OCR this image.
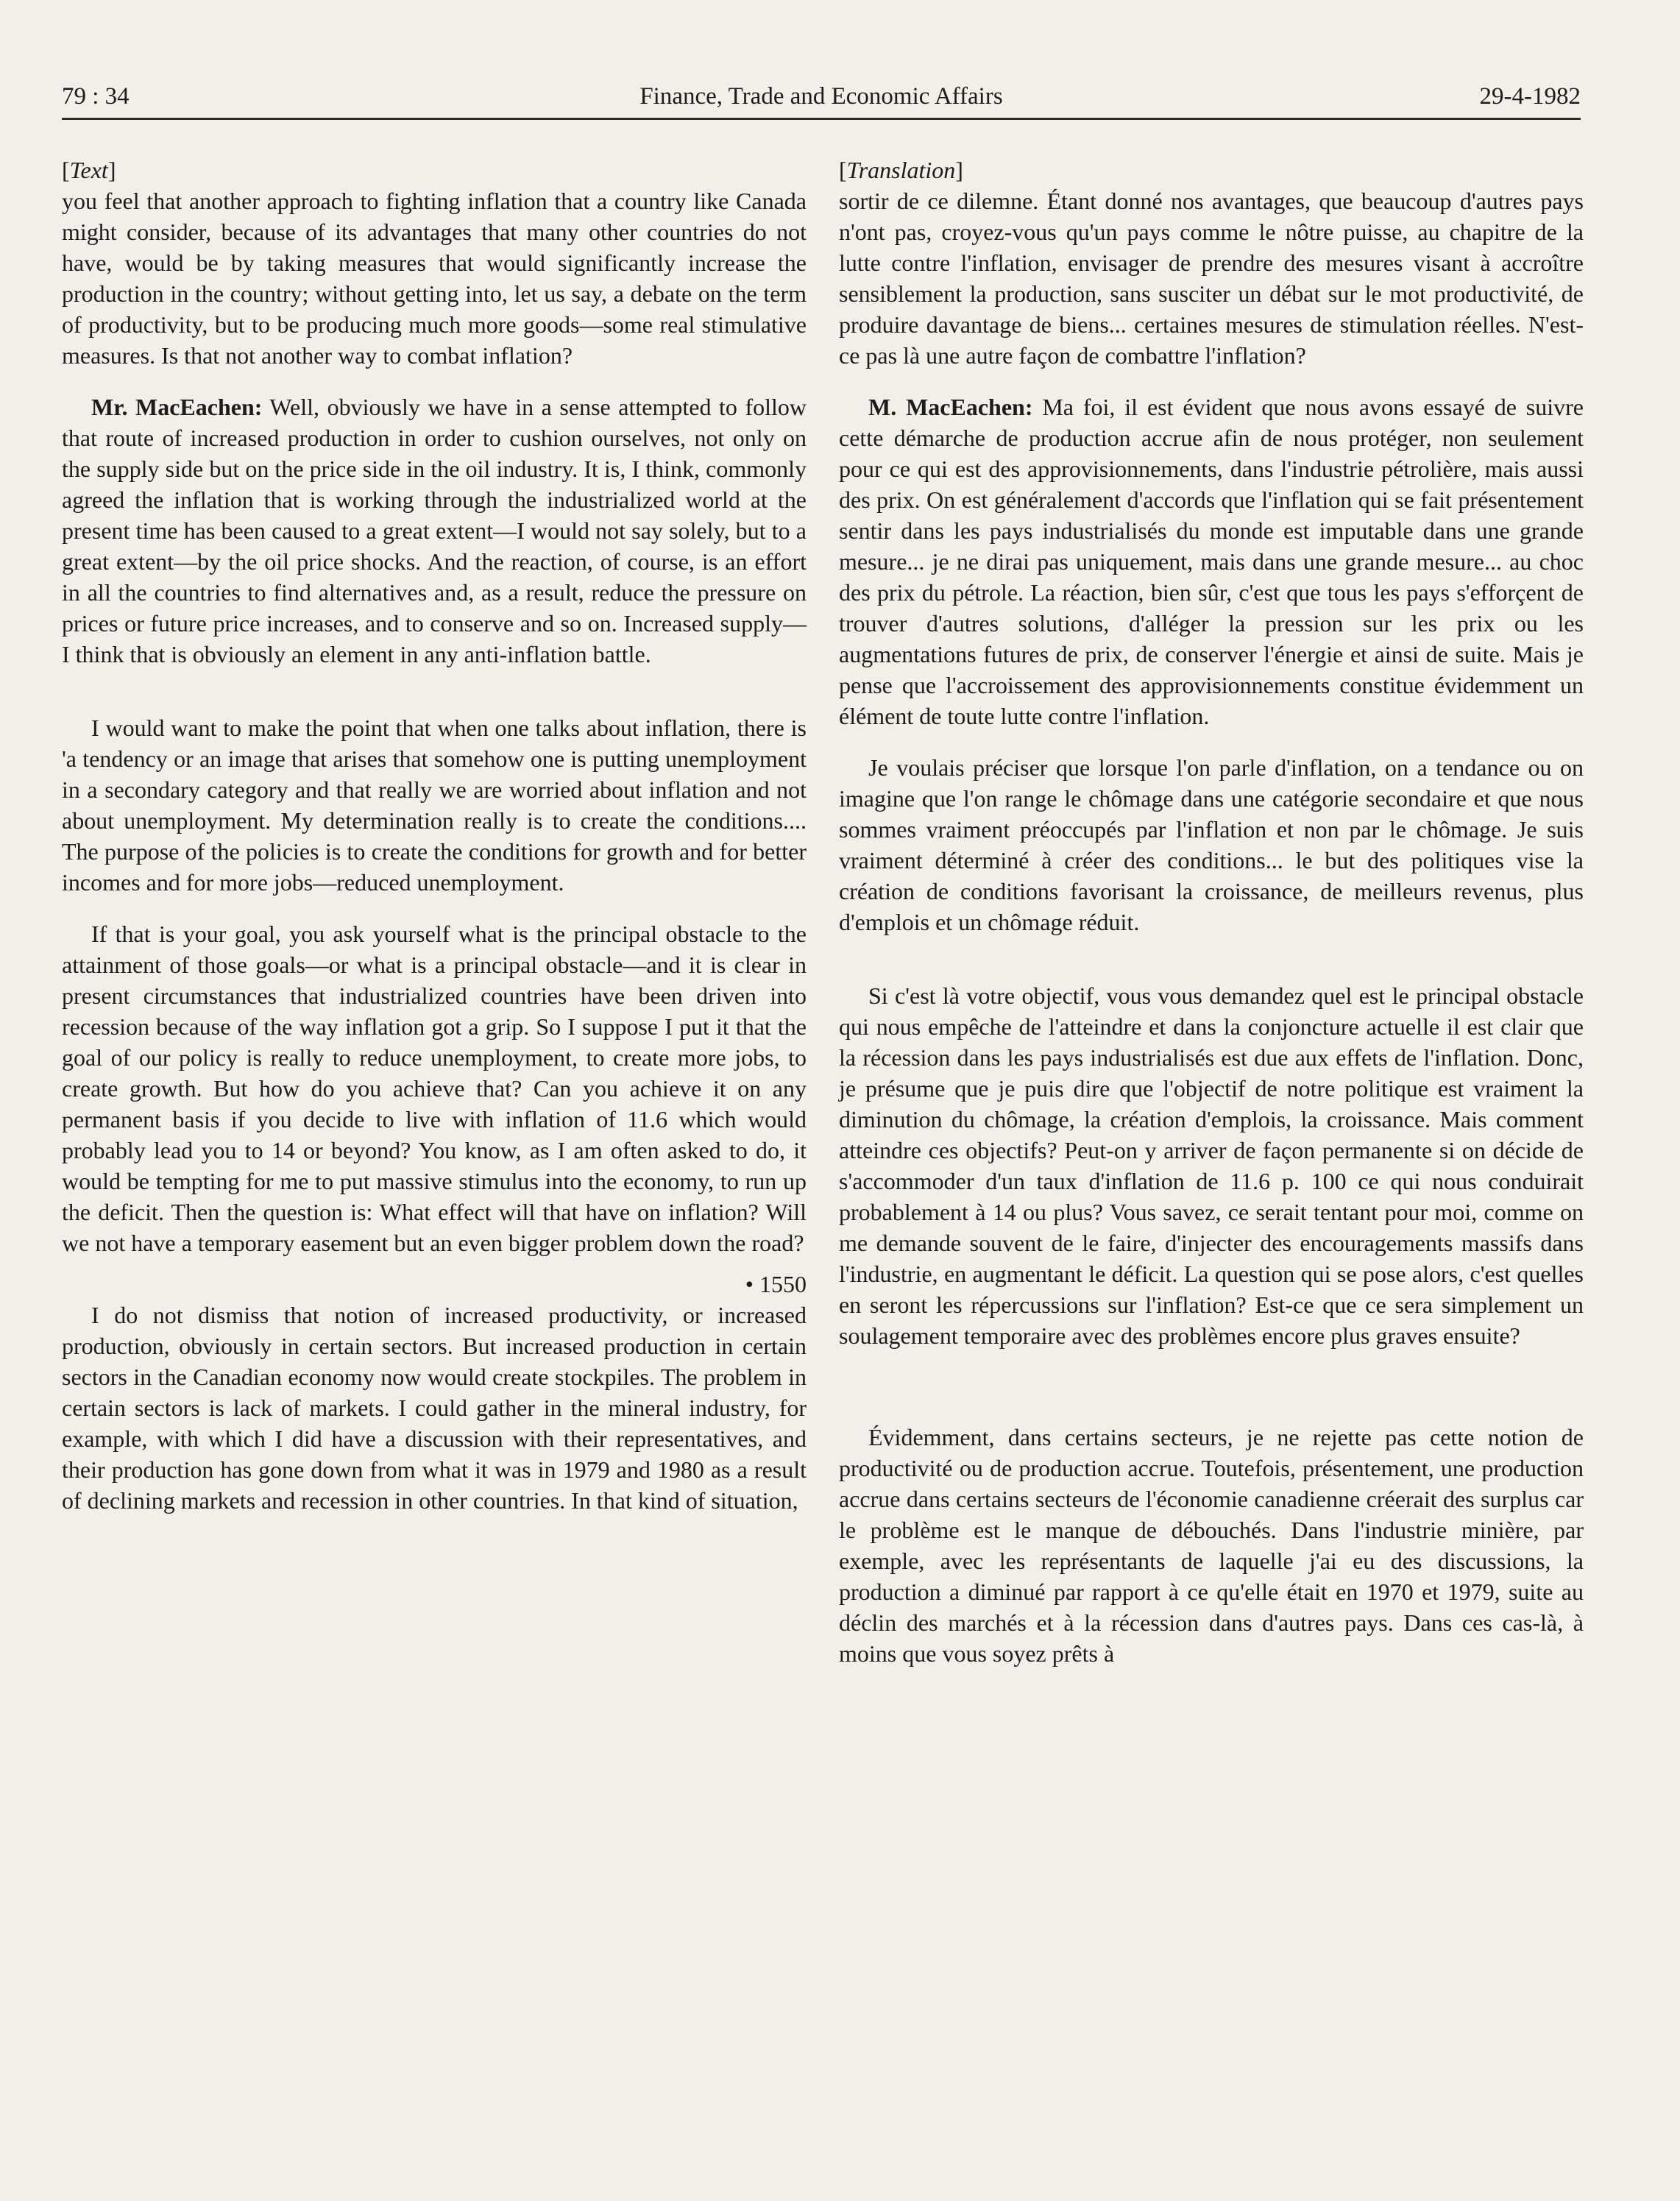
79 : 34	Finance, Trade and Economic Affairs	29-4-1982
[Text]

you feel that another approach to fighting inflation that a country like Canada might consider, because of its advantages that many other countries do not have, would be by taking measures that would significantly increase the production in the country; without getting into, let us say, a debate on the term of productivity, but to be producing much more goods—some real stimulative measures. Is that not another way to combat inflation?

Mr. MacEachen: Well, obviously we have in a sense attempted to follow that route of increased production in order to cushion ourselves, not only on the supply side but on the price side in the oil industry. It is, I think, commonly agreed the inflation that is working through the industrialized world at the present time has been caused to a great extent—I would not say solely, but to a great extent—by the oil price shocks. And the reaction, of course, is an effort in all the countries to find alternatives and, as a result, reduce the pressure on prices or future price increases, and to conserve and so on. Increased supply—I think that is obviously an element in any anti-inflation battle.

I would want to make the point that when one talks about inflation, there is 'a tendency or an image that arises that somehow one is putting unemployment in a secondary category and that really we are worried about inflation and not about unemployment. My determination really is to create the conditions.... The purpose of the policies is to create the conditions for growth and for better incomes and for more jobs—reduced unemployment.

If that is your goal, you ask yourself what is the principal obstacle to the attainment of those goals—or what is a principal obstacle—and it is clear in present circumstances that industrialized countries have been driven into recession because of the way inflation got a grip. So I suppose I put it that the goal of our policy is really to reduce unemployment, to create more jobs, to create growth. But how do you achieve that? Can you achieve it on any permanent basis if you decide to live with inflation of 11.6 which would probably lead you to 14 or beyond? You know, as I am often asked to do, it would be tempting for me to put massive stimulus into the economy, to run up the deficit. Then the question is: What effect will that have on inflation? Will we not have a temporary easement but an even bigger problem down the road?

• 1550

I do not dismiss that notion of increased productivity, or increased production, obviously in certain sectors. But increased production in certain sectors in the Canadian economy now would create stockpiles. The problem in certain sectors is lack of markets. I could gather in the mineral industry, for example, with which I did have a discussion with their representatives, and their production has gone down from what it was in 1979 and 1980 as a result of declining markets and recession in other countries. In that kind of situation,

[Translation]

sortir de ce dilemne. Étant donné nos avantages, que beaucoup d'autres pays n'ont pas, croyez-vous qu'un pays comme le nôtre puisse, au chapitre de la lutte contre l'inflation, envisager de prendre des mesures visant à accroître sensiblement la production, sans susciter un débat sur le mot productivité, de produire davantage de biens... certaines mesures de stimulation réelles. N'est-ce pas là une autre façon de combattre l'inflation?

M. MacEachen: Ma foi, il est évident que nous avons essayé de suivre cette démarche de production accrue afin de nous protéger, non seulement pour ce qui est des approvisionnements, dans l'industrie pétrolière, mais aussi des prix. On est généralement d'accords que l'inflation qui se fait présentement sentir dans les pays industrialisés du monde est imputable dans une grande mesure... je ne dirai pas uniquement, mais dans une grande mesure... au choc des prix du pétrole. La réaction, bien sûr, c'est que tous les pays s'efforçent de trouver d'autres solutions, d'alléger la pression sur les prix ou les augmentations futures de prix, de conserver l'énergie et ainsi de suite. Mais je pense que l'accroissement des approvisionnements constitue évidemment un élément de toute lutte contre l'inflation.

Je voulais préciser que lorsque l'on parle d'inflation, on a tendance ou on imagine que l'on range le chômage dans une catégorie secondaire et que nous sommes vraiment préoccupés par l'inflation et non par le chômage. Je suis vraiment déterminé à créer des conditions... le but des politiques vise la création de conditions favorisant la croissance, de meilleurs revenus, plus d'emplois et un chômage réduit.

Si c'est là votre objectif, vous vous demandez quel est le principal obstacle qui nous empêche de l'atteindre et dans la conjoncture actuelle il est clair que la récession dans les pays industrialisés est due aux effets de l'inflation. Donc, je présume que je puis dire que l'objectif de notre politique est vraiment la diminution du chômage, la création d'emplois, la croissance. Mais comment atteindre ces objectifs? Peut-on y arriver de façon permanente si on décide de s'accommoder d'un taux d'inflation de 11.6 p. 100 ce qui nous conduirait probablement à 14 ou plus? Vous savez, ce serait tentant pour moi, comme on me demande souvent de le faire, d'injecter des encouragements massifs dans l'industrie, en augmentant le déficit. La question qui se pose alors, c'est quelles en seront les répercussions sur l'inflation? Est-ce que ce sera simplement un soulagement temporaire avec des problèmes encore plus graves ensuite?

Évidemment, dans certains secteurs, je ne rejette pas cette notion de productivité ou de production accrue. Toutefois, présentement, une production accrue dans certains secteurs de l'économie canadienne créerait des surplus car le problème est le manque de débouchés. Dans l'industrie minière, par exemple, avec les représentants de laquelle j'ai eu des discussions, la production a diminué par rapport à ce qu'elle était en 1970 et 1979, suite au déclin des marchés et à la récession dans d'autres pays. Dans ces cas-là, à moins que vous soyez prêts à
